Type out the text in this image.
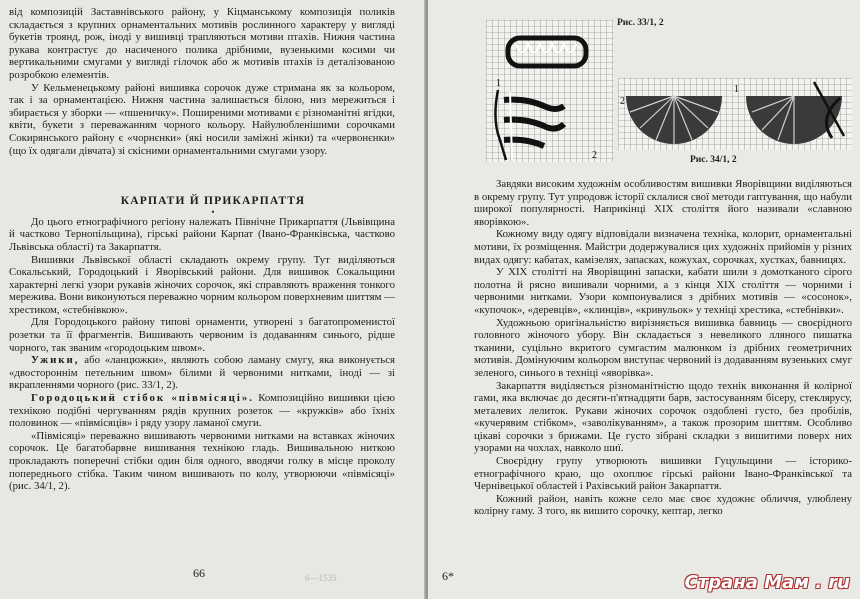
від композицій Заставнівського району, у Кіцманському композиція поликів складається з крупних орнаментальних мотивів рослинного характеру у вигляді букетів троянд, рож, іноді у вишивці трапляються мотиви птахів. Нижня частина рукава контрастує до насиченого полика дрібними, вузенькими косими чи вертикальними смугами у вигляді гілочок або ж мотивів птахів із деталізованою розробкою елементів.

У Кельменецькому районі вишивка сорочок дуже стримана як за кольором, так і за орнаментацією. Нижня частина залишається білою, низ мережиться і збирається у зборки — «пшеничку». Поширеними мотивами є різноманітні ягідки, квіти, букети з переважанням чорного кольору. Найулюбленішими сорочками Сокирянського району є «чорнєнки» (які носили заміжні жінки) та «червонєнки» (що їх одягали дівчата) зі скісними орнаментальними смугами узору.

КАРПАТИ Й ПРИКАРПАТТЯ

•

До цього етнографічного регіону належать Північне Прикарпаття (Львівщина й частково Тернопільщина), гірські райони Карпат (Івано-Франківська, частково Львівська області) та Закарпаття.

Вишивки Львівської області складають окрему групу. Тут виділяються Сокальський, Городоцький і Яворівський райони. Для вишивок Сокальщини характерні легкі узори рукавів жіночих сорочок, які справляють враження тонкого мережива. Вони виконуються переважно чорним кольором поверхневим шиттям — хрестиком, «стебнівкою».

Для Городоцького району типові орнаменти, утворені з багатопроменистої розетки та її фрагментів. Вишивають червоним із додаванням синього, рідше чорного, так званим «городоцьким швом».

Ужики, або «ланцюжки», являють собою ламану смугу, яка виконується «двостороннім петельним швом» білими й червоними нитками, іноді — зі вкрапленнями чорного (рис. 33/1, 2).

Городоцький стібок «півмісяці». Композиційно вишивки цією технікою подібні чергуванням рядів крупних розеток — «кружків» або їхніх половинок — «півмісяців» і ряду узору ламаної смуги.

«Півмісяці» переважно вишивають червоними нитками на вставках жіночих сорочок. Це багатобарвне вишивання технікою гладь. Вишивальною ниткою прокладають поперечні стібки один біля одного, вводячи голку в місце проколу попереднього стібка. Таким чином вишивають по колу, утворюючи «півмісяці» (рис. 34/1, 2).

66	6—1535
2
1
Рис. 33/1, 2
2
1
Рис. 34/1, 2

Завдяки високим художнім особливостям вишивки Яворівщини виділяються в окрему групу. Тут упродовж історії склалися свої методи гаптування, що набули широкої популярності. Наприкінці XIX століття його називали «славною яворівкою».

Кожному виду одягу відповідали визначена техніка, колорит, орнаментальні мотиви, їх розміщення. Майстри додержувалися цих художніх прийомів у різних видах одягу: кабатах, камізелях, запасках, кожухах, сорочках, хустках, бавницях.

У XIX столітті на Яворівщині запаски, кабати шили з домотканого сірого полотна й рясно вишивали чорними, а з кінця XIX століття — чорними і червоними нитками. Узори компонувалися з дрібних мотивів — «сосонок», «купочок», «деревців», «клинців», «кривульок» у техніці хрестика, «стебнівки».

Художньою оригінальністю вирізняється вишивка бавниць — своєрідного головного жіночого убору. Він складається з невеликого лляного пишатка тканини, суцільно вкритого сумгастим малюнком із дрібних геометричних мотивів. Домінуючим кольором виступає червоний із додаванням вузеньких смуг зеленого, синього в техніці «яворівка».

Закарпаття виділяється різноманітністю щодо технік виконання й колірної гами, яка включає до десяти-п'ятнадцяти барв, застосуванням бісеру, стеклярусу, металевих лелиток. Рукави жіночих сорочок оздоблені густо, без пробілів, «кучерявим стібком», «заволікуванням», а також прозорим шиттям. Особливо цікаві сорочки з брижами. Це густо зібрані складки з вишитими поверх них узорами на чохлах, навколо шиї.

Своєрідну групу утворюють вишивки Гуцульщини — історико-етнографічного краю, що охоплює гірські райони Івано-Франківської та Чернівецької областей і Рахівський район Закарпаття.

Кожний район, навіть кожне село має своє художнє обличчя, улюблену колірну гаму. З того, як вишито сорочку, кептар, легко

6*	Страна Мам . ru
